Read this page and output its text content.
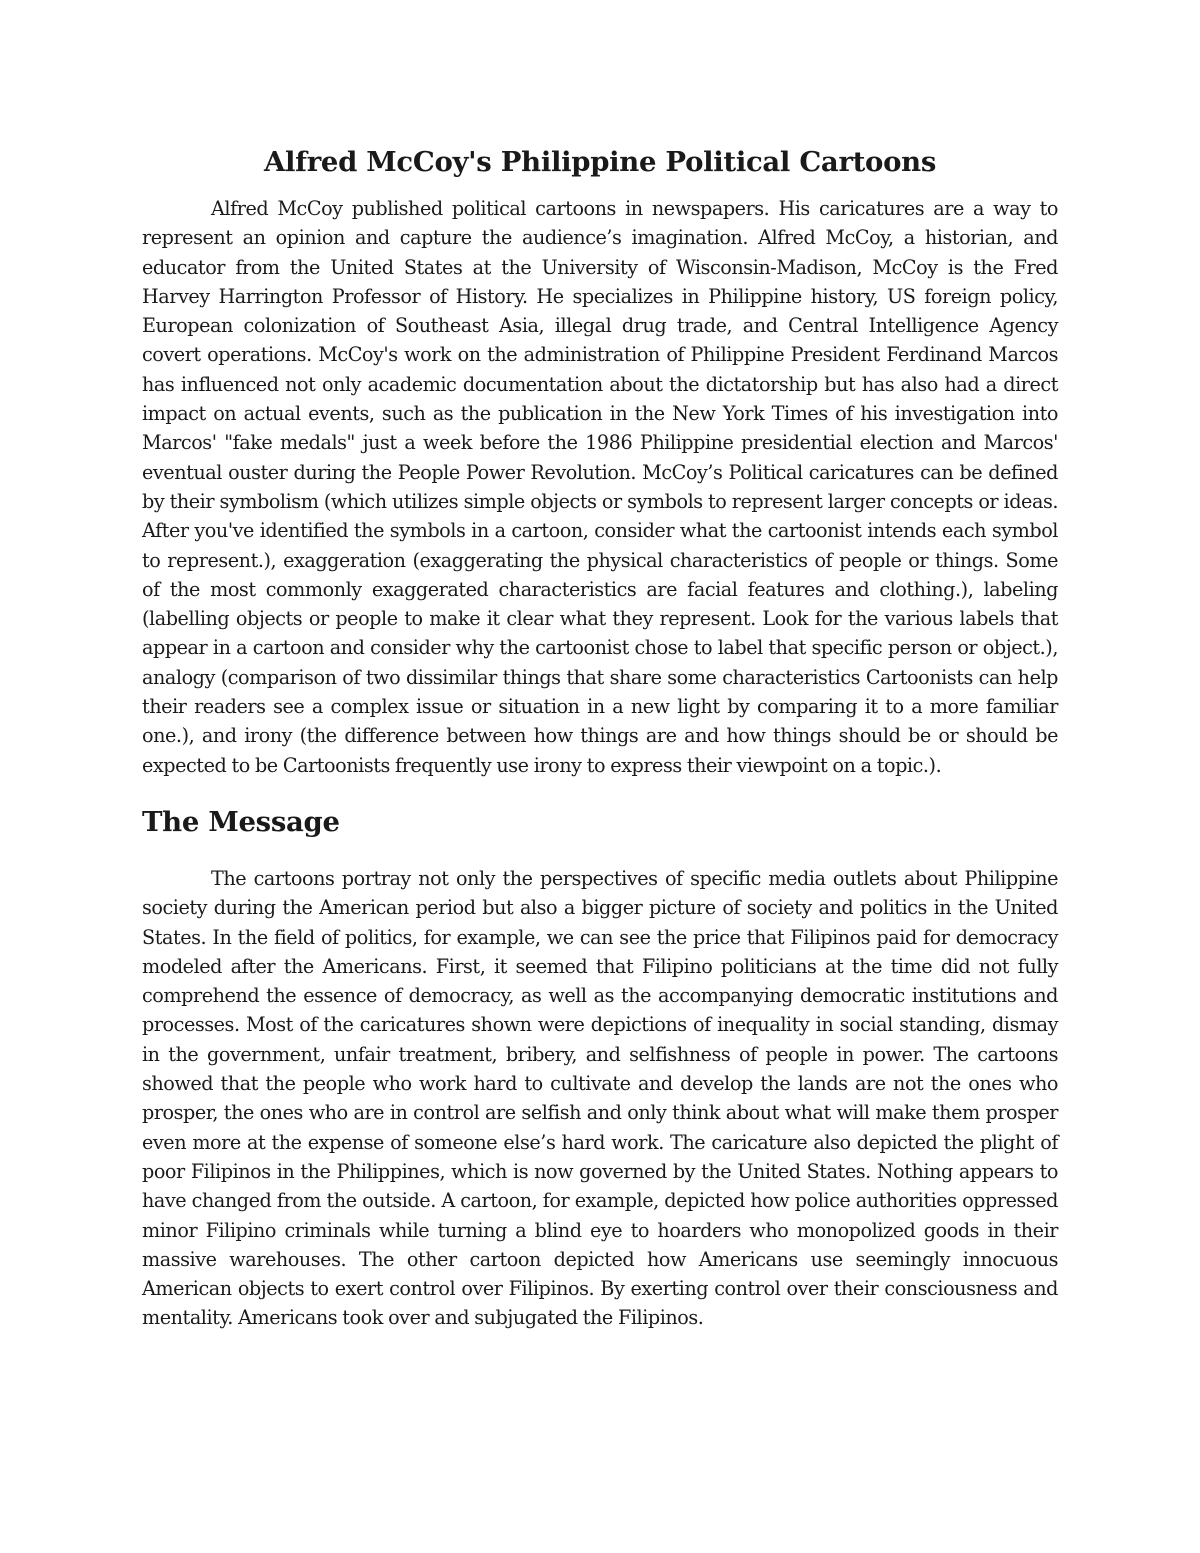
Alfred McCoy's Philippine Political Cartoons

Alfred McCoy published political cartoons in newspapers. His caricatures are a way to represent an opinion and capture the audience’s imagination. Alfred McCoy, a historian, and educator from the United States at the University of Wisconsin-Madison, McCoy is the Fred Harvey Harrington Professor of History. He specializes in Philippine history, US foreign policy, European colonization of Southeast Asia, illegal drug trade, and Central Intelligence Agency covert operations. McCoy's work on the administration of Philippine President Ferdinand Marcos has influenced not only academic documentation about the dictatorship but has also had a direct impact on actual events, such as the publication in the New York Times of his investigation into Marcos' "fake medals" just a week before the 1986 Philippine presidential election and Marcos' eventual ouster during the People Power Revolution. McCoy’s Political caricatures can be defined by their symbolism (which utilizes simple objects or symbols to represent larger concepts or ideas. After you've identified the symbols in a cartoon, consider what the cartoonist intends each symbol to represent.), exaggeration (exaggerating the physical characteristics of people or things. Some of the most commonly exaggerated characteristics are facial features and clothing.), labeling (labelling objects or people to make it clear what they represent. Look for the various labels that appear in a cartoon and consider why the cartoonist chose to label that specific person or object.), analogy (comparison of two dissimilar things that share some characteristics Cartoonists can help their readers see a complex issue or situation in a new light by comparing it to a more familiar one.), and irony (the difference between how things are and how things should be or should be expected to be Cartoonists frequently use irony to express their viewpoint on a topic.).

The Message

The cartoons portray not only the perspectives of specific media outlets about Philippine society during the American period but also a bigger picture of society and politics in the United States. In the field of politics, for example, we can see the price that Filipinos paid for democracy modeled after the Americans. First, it seemed that Filipino politicians at the time did not fully comprehend the essence of democracy, as well as the accompanying democratic institutions and processes. Most of the caricatures shown were depictions of inequality in social standing, dismay in the government, unfair treatment, bribery, and selfishness of people in power. The cartoons showed that the people who work hard to cultivate and develop the lands are not the ones who prosper, the ones who are in control are selfish and only think about what will make them prosper even more at the expense of someone else’s hard work. The caricature also depicted the plight of poor Filipinos in the Philippines, which is now governed by the United States. Nothing appears to have changed from the outside. A cartoon, for example, depicted how police authorities oppressed minor Filipino criminals while turning a blind eye to hoarders who monopolized goods in their massive warehouses. The other cartoon depicted how Americans use seemingly innocuous American objects to exert control over Filipinos. By exerting control over their consciousness and mentality. Americans took over and subjugated the Filipinos.
